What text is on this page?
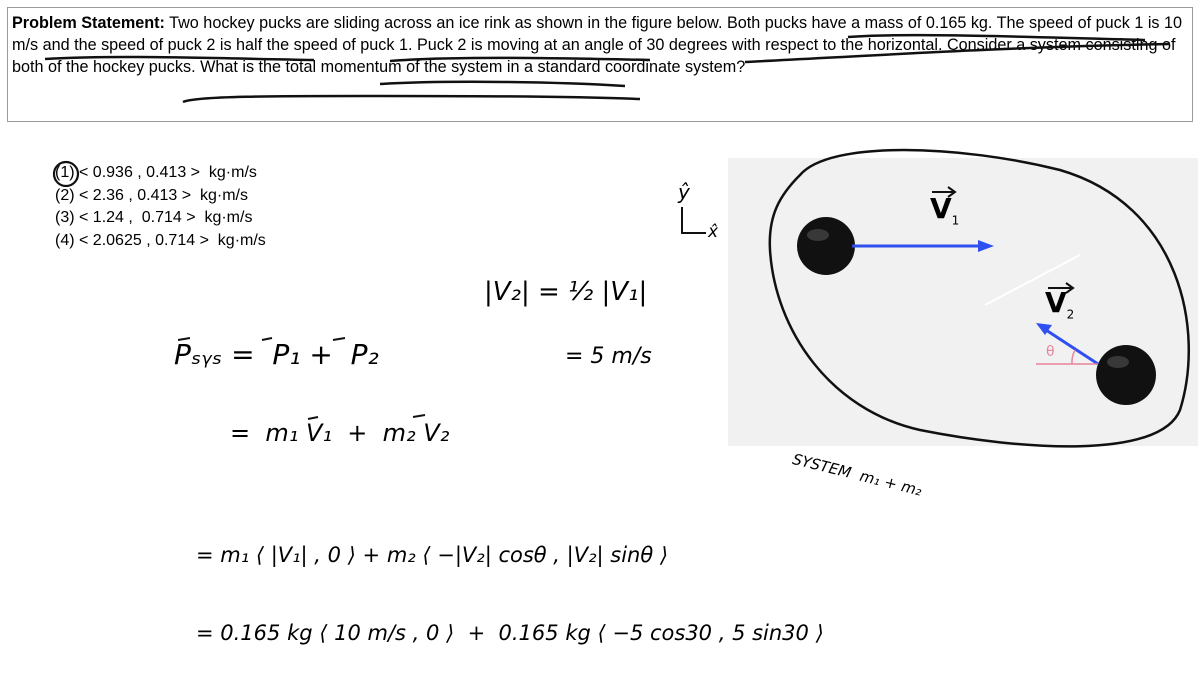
Problem Statement: Two hockey pucks are sliding across an ice rink as shown in the figure below. Both pucks have a mass of 0.165 kg. The speed of puck 1 is 10 m/s and the speed of puck 2 is half the speed of puck 1. Puck 2 is moving at an angle of 30 degrees with respect to the horizontal. Consider a system consisting of both of the hockey pucks. What is the total momentum of the system in a standard coordinate system?
(1) < 0.936 , 0.413 >  kg·m/s
(2) < 2.36 , 0.413 >  kg·m/s
(3) < 1.24 ,  0.714 >  kg·m/s
(4) < 2.0625 , 0.714 >  kg·m/s
$V_1$
$V_2$
θ
ŷ
x̂
|V₂| = ½ |V₁|
= 5 m/s
Pₛᵧₛ =  P₁ +  P₂
=  m₁ V₁  +  m₂ V₂
SYSTEM  m₁ + m₂
= m₁ ⟨ |V₁| , 0 ⟩ + m₂ ⟨ −|V₂| cosθ , |V₂| sinθ ⟩
= 0.165 kg ⟨ 10 m/s , 0 ⟩  +  0.165 kg ⟨ −5 cos30 , 5 sin30 ⟩
